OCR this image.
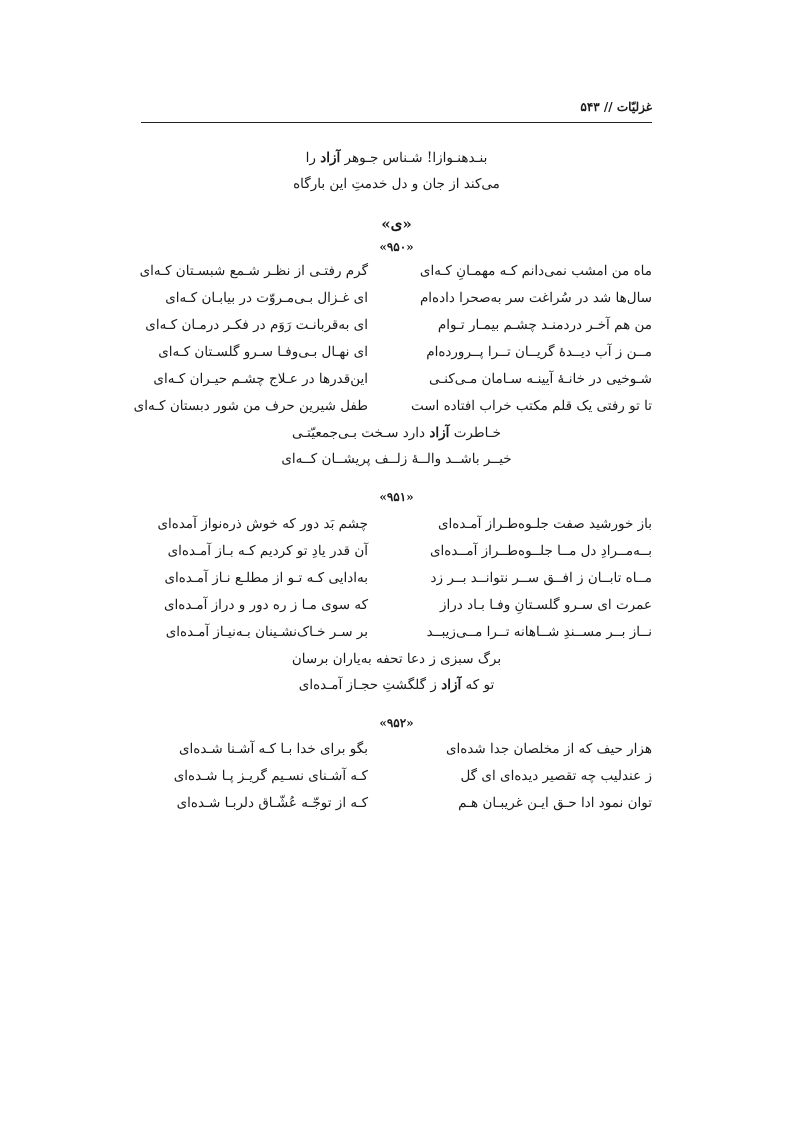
غزلیّات // ۵۴۳
بنـدهنـوازا! شـناس جـوهر آزاد را
می‌کند از جان و دل خدمتِ این بارگاه
«ی»
«۹۵۰»
ماه من امشب نمی‌دانم کـه مهمـانِ کـه‌ای
گرم رفتـی از نظـر شـمع شبسـتان کـه‌ای
سال‌ها شد در سُراغت سر به‌صحرا داده‌ام
ای غـزال بـی‌مـروّت در بیابـان کـه‌ای
من هم آخـر دردمنـد چشـم بیمـار تـوام
ای به‌قربانـت رَوَم در فکـر درمـان کـه‌ای
مــن ز آب دیــدهٔ گریــان تــرا پــرورده‌ام
ای نهـال بـی‌وفـا سـرو گلسـتان کـه‌ای
شـوخیی در خانـهٔ آیینـه سـامان مـی‌کنـی
این‌قدرها در عـلاج چشـم حیـران کـه‌ای
تا تو رفتی یک قلم مکتب خراب افتاده است
طفل شیرین حرف من شور دبستان کـه‌ای
خـاطرت آزاد دارد سـخت بـی‌جمعیّتـی
خیــر باشــد والــهٔ زلــف پریشــان کــه‌ای
«۹۵۱»
باز خورشید صفت جلـوه‌طـراز آمـده‌ای
چشم بَد دور که خوش ذره‌نواز آمده‌ای
بــه‌مــرادِ دل مــا جلــوه‌طــراز آمــده‌ای
آن قدر یادِ تو کردیم کـه بـاز آمـده‌ای
مــاه تابــان ز افــق ســر نتوانــد بــر زد
به‌ادایی کـه تـو از مطلـع نـاز آمـده‌ای
عمرت ای سـرو گلسـتانِ وفـا بـاد دراز
که سوی مـا ز ره دور و دراز آمـده‌ای
نــاز بــر مســندِ شــاهانه تــرا مــی‌زیبــد
بر سـر خـاک‌نشـینان بـه‌نیـاز آمـده‌ای
برگ سبزی ز دعا تحفه به‌یاران برسان
تو که آزاد ز گلگشتِ حجـاز آمـده‌ای
«۹۵۲»
هزار حیف که از مخلصان جدا شده‌ای
بگو برای خدا بـا کـه آشـنا شـده‌ای
ز عندلیب چه تقصیر دیده‌ای ای گل
کـه آشـنای نسـیم گریـز پـا شـده‌ای
توان نمود ادا حـق ایـن غریبـان هـم
کـه از توجّـه عُشّـاق دلربـا شـده‌ای
